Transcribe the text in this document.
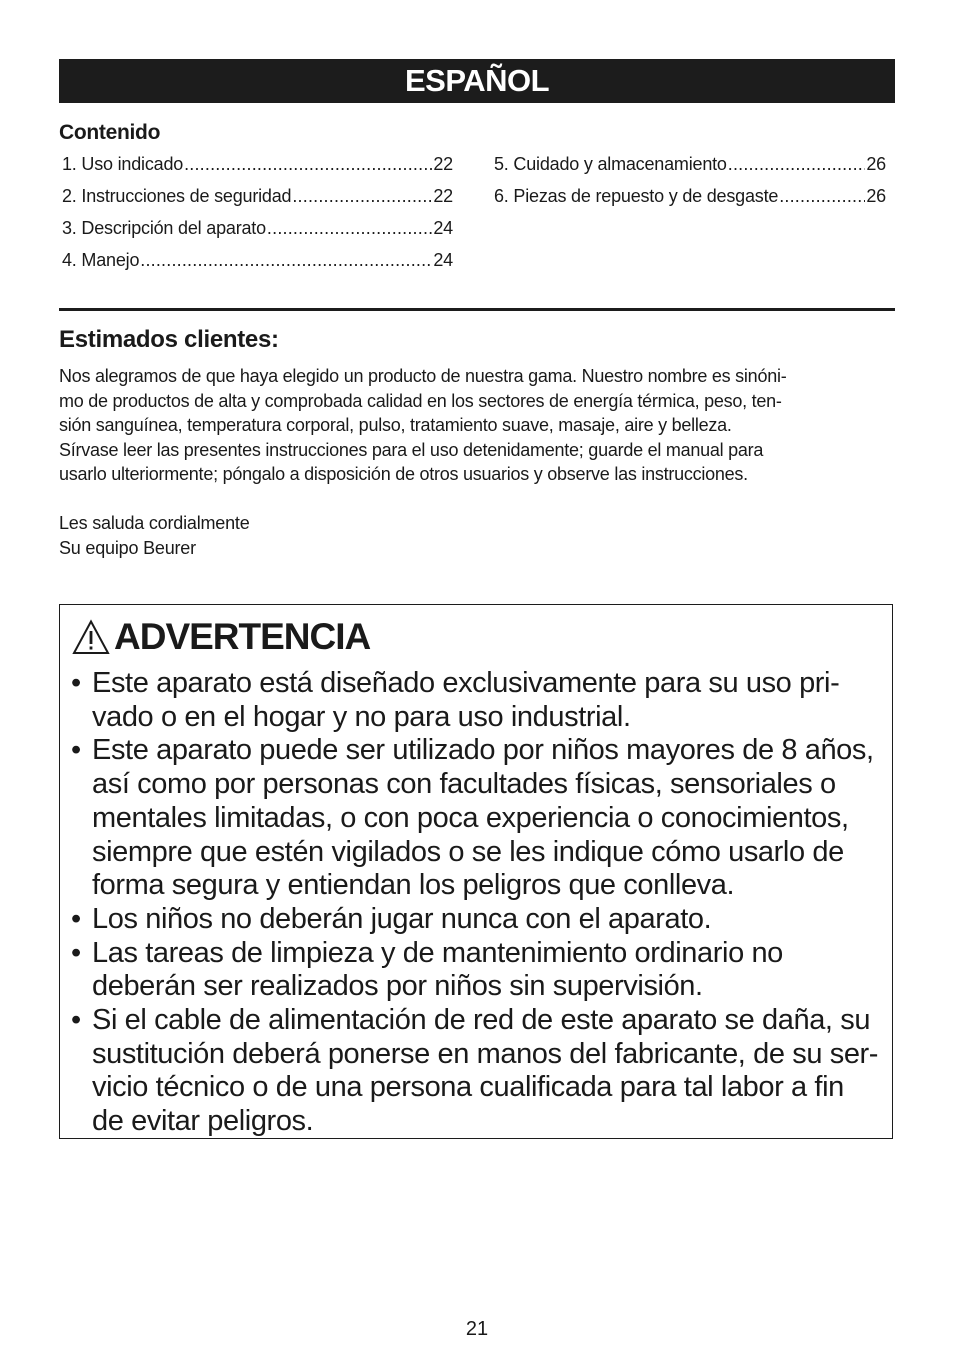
ESPAÑOL
Contenido
1. Uso indicado .....	22
2. Instrucciones de seguridad .....	22
3. Descripción del aparato .....	24
4. Manejo .....	24
5. Cuidado y almacenamiento .....	26
6. Piezas de repuesto y de desgaste .....	26
Estimados clientes:

Nos alegramos de que haya elegido un producto de nuestra gama. Nuestro nombre es sinóni-

mo de productos de alta y comprobada calidad en los sectores de energía térmica, peso, ten-

sión sanguínea, temperatura corporal, pulso, tratamiento suave, masaje, aire y belleza.

Sírvase leer las presentes instrucciones para el uso detenidamente; guarde el manual para

usarlo ulteriormente; póngalo a disposición de otros usuarios y observe las instrucciones.

Les saluda cordialmente
Su equipo Beurer
ADVERTENCIA
• Este aparato está diseñado exclusivamente para su uso pri-
vado o en el hogar y no para uso industrial.
• Este aparato puede ser utilizado por niños mayores de 8 años,
así como por personas con facultades físicas, sensoriales o
mentales limitadas, o con poca experiencia o conocimientos,
siempre que estén vigilados o se les indique cómo usarlo de
forma segura y entiendan los peligros que conlleva.
• Los niños no deberán jugar nunca con el aparato.
• Las tareas de limpieza y de mantenimiento ordinario no
deberán ser realizados por niños sin supervisión.
• Si el cable de alimentación de red de este aparato se daña, su
sustitución deberá ponerse en manos del fabricante, de su ser-
vicio técnico o de una persona cualificada para tal labor a fin
de evitar peligros.
21
